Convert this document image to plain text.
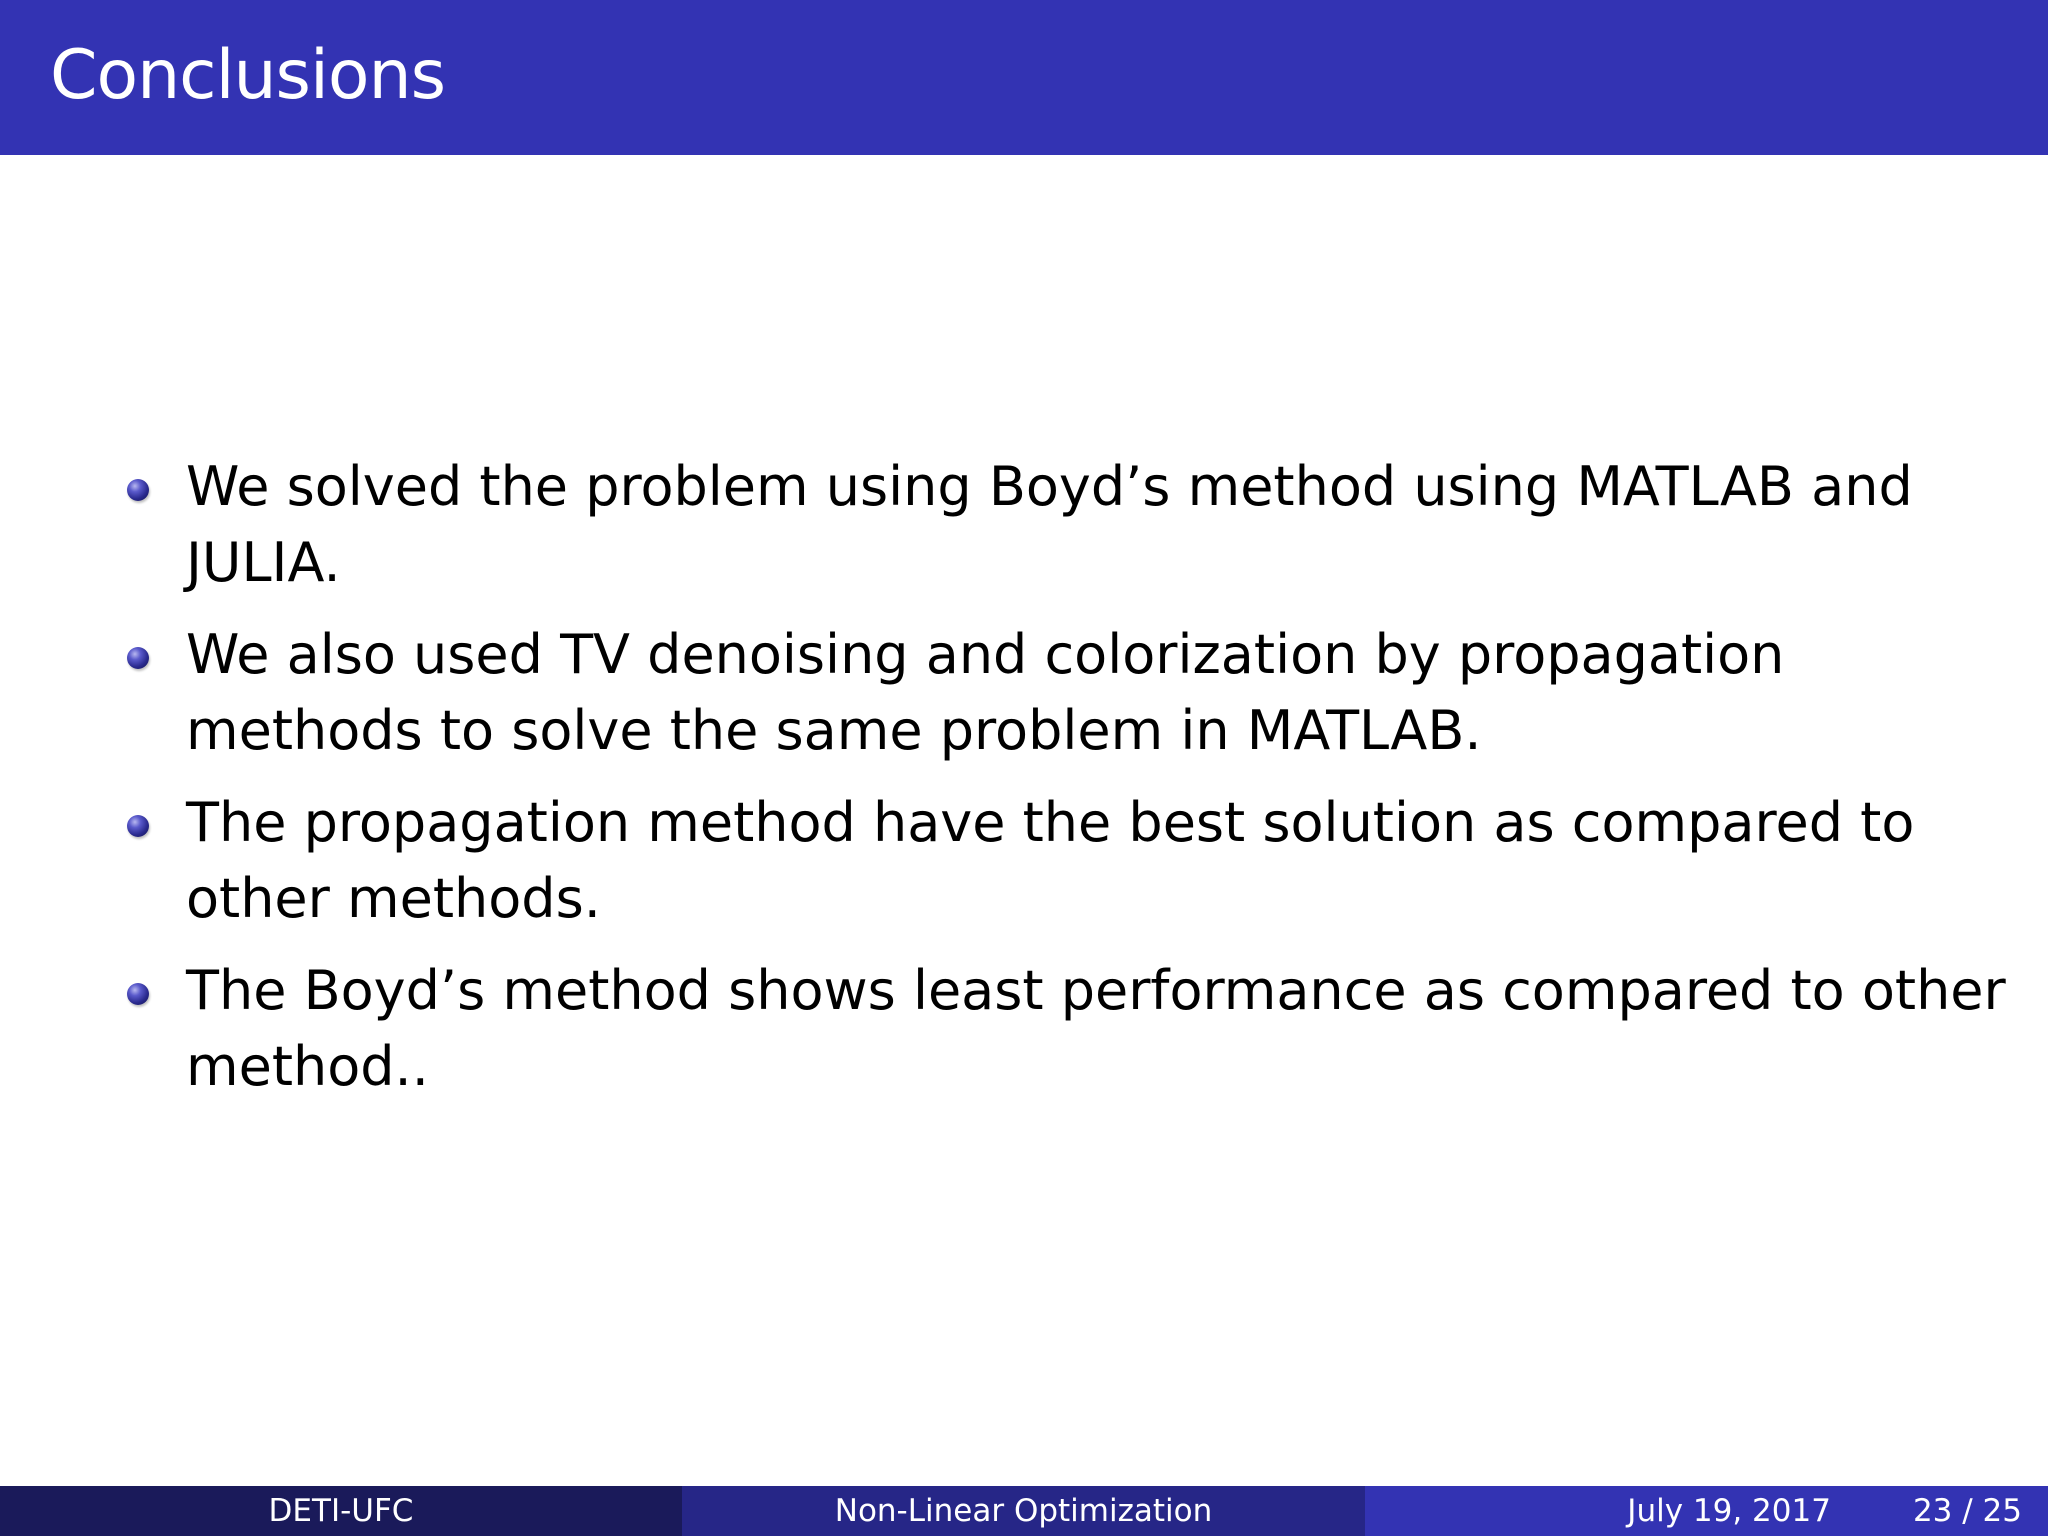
Conclusions
We solved the problem using Boyd’s method using MATLAB and JULIA.
We also used TV denoising and colorization by propagation methods to solve the same problem in MATLAB.
The propagation method have the best solution as compared to other methods.
The Boyd’s method shows least performance as compared to other method..
DETI-UFC	Non-Linear Optimization	July 19, 2017	23 / 25
